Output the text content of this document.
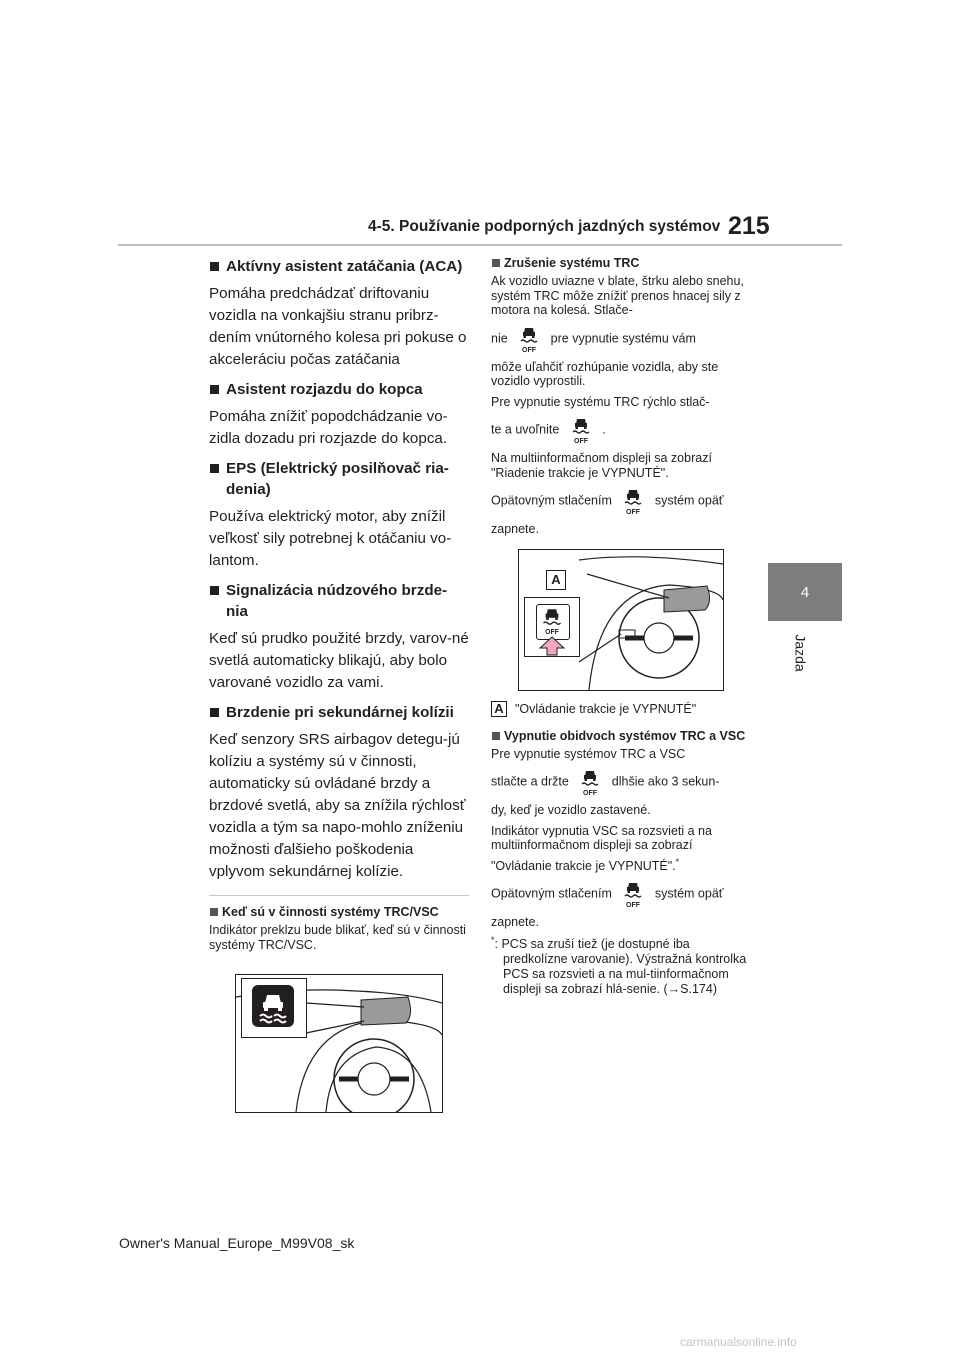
4-5. Používanie podporných jazdných systémov 215
4
Jazda
Aktívny asistent zatáčania (ACA)
Pomáha predchádzať driftovaniu vozidla na vonkajšiu stranu pribrz-dením vnútorného kolesa pri pokuse o akceleráciu počas zatáčania
Asistent rozjazdu do kopca
Pomáha znížiť popodchádzanie vo-zidla dozadu pri rozjazde do kopca.
EPS (Elektrický posilňovač ria-denia)
Používa elektrický motor, aby znížil veľkosť sily potrebnej k otáčaniu vo-lantom.
Signalizácia núdzového brzde-nia
Keď sú prudko použité brzdy, varov-né svetlá automaticky blikajú, aby bolo varované vozidlo za vami.
Brzdenie pri sekundárnej kolízii
Keď senzory SRS airbagov detegu-jú kolíziu a systémy sú v činnosti, automaticky sú ovládané brzdy a brzdové svetlá, aby sa znížila rýchlosť vozidla a tým sa napo-mohlo zníženiu možnosti ďalšieho poškodenia vplyvom sekundárnej kolízie.
Keď sú v činnosti systémy TRC/VSC
Indikátor preklzu bude blikať, keď sú v činnosti systémy TRC/VSC.
Zrušenie systému TRC
Ak vozidlo uviazne v blate, štrku alebo snehu, systém TRC môže znížiť prenos hnacej sily z motora na kolesá. Stlače-
nie
OFF
pre vypnutie systému vám
môže uľahčiť rozhúpanie vozidla, aby ste vozidlo vyprostili.
Pre vypnutie systému TRC rýchlo stlač-
te a uvoľnite
OFF
.
Na multiinformačnom displeji sa zobrazí "Riadenie trakcie je VYPNUTÉ".
Opätovným stlačením
OFF
systém opäť
zapnete.
A
OFF
A "Ovládanie trakcie je VYPNUTÉ"
Vypnutie obidvoch systémov TRC a VSC
Pre vypnutie systémov TRC a VSC
stlačte a držte
OFF
dlhšie ako 3 sekun-
dy, keď je vozidlo zastavené.
Indikátor vypnutia VSC sa rozsvieti a na multiinformačnom displeji sa zobrazí
"Ovládanie trakcie je VYPNUTÉ".*
Opätovným stlačením
OFF
systém opäť
zapnete.
*: PCS sa zruší tiež (je dostupné iba predkolízne varovanie). Výstražná kontrolka PCS sa rozsvieti a na mul-tiinformačnom displeji sa zobrazí hlá-senie. (→S.174)
Owner's Manual_Europe_M99V08_sk
carmanualsonline.info
